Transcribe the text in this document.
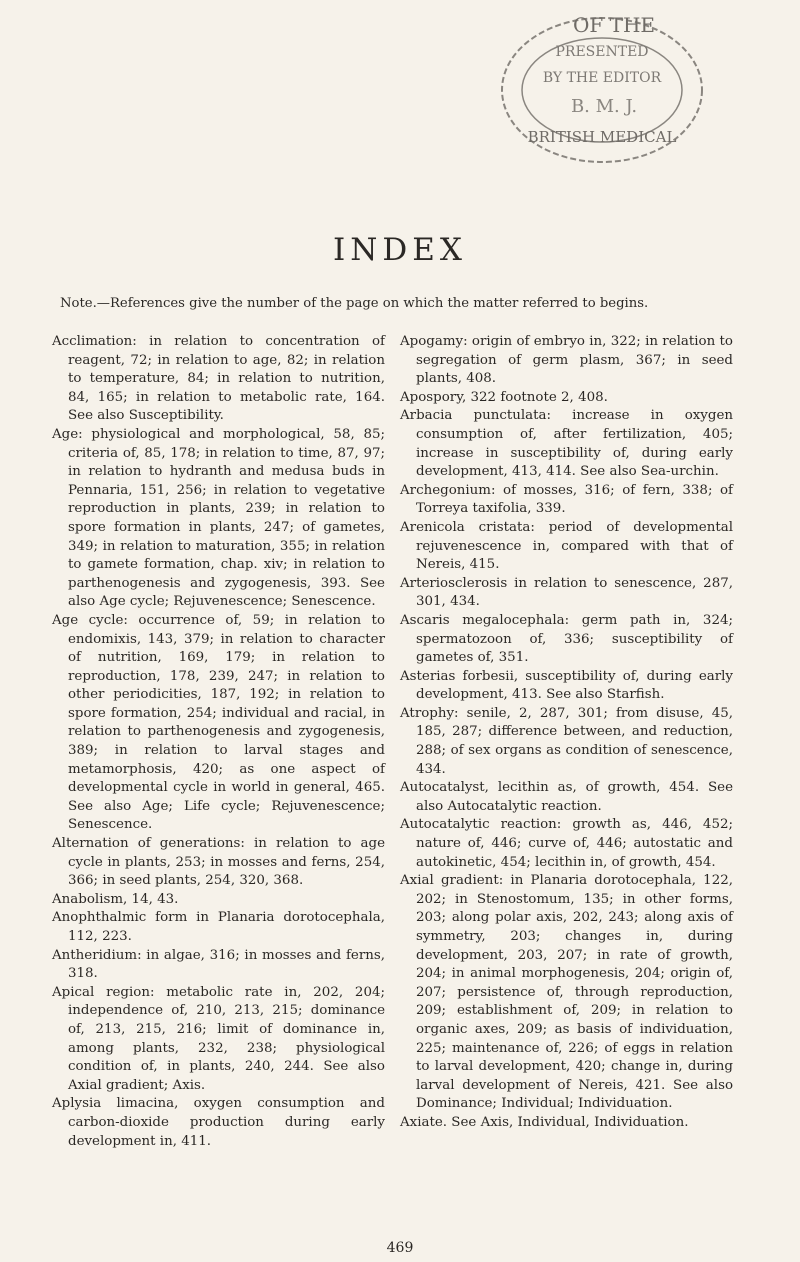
OF THE
PRESENTED
BY THE EDITOR
B. M. J.
BRITISH MEDICAL
INDEX
Note.—References give the number of the page on which the matter referred to begins.

Acclimation: in relation to concentration of reagent, 72; in relation to age, 82; in relation to temperature, 84; in relation to nutrition, 84, 165; in relation to metabolic rate, 164. See also Susceptibility.

Age: physiological and morphological, 58, 85; criteria of, 85, 178; in relation to time, 87, 97; in relation to hydranth and medusa buds in Pennaria, 151, 256; in relation to vegetative reproduction in plants, 239; in relation to spore formation in plants, 247; of gametes, 349; in relation to maturation, 355; in relation to gamete formation, chap. xiv; in relation to parthenogenesis and zygogenesis, 393. See also Age cycle; Rejuvenescence; Senescence.

Age cycle: occurrence of, 59; in relation to endomixis, 143, 379; in relation to character of nutrition, 169, 179; in relation to reproduction, 178, 239, 247; in relation to other periodicities, 187, 192; in relation to spore formation, 254; individual and racial, in relation to parthenogenesis and zygogenesis, 389; in relation to larval stages and metamorphosis, 420; as one aspect of developmental cycle in world in general, 465. See also Age; Life cycle; Rejuvenescence; Senescence.

Alternation of generations: in relation to age cycle in plants, 253; in mosses and ferns, 254, 366; in seed plants, 254, 320, 368.

Anabolism, 14, 43.

Anophthalmic form in Planaria dorotocephala, 112, 223.

Antheridium: in algae, 316; in mosses and ferns, 318.

Apical region: metabolic rate in, 202, 204; independence of, 210, 213, 215; dominance of, 213, 215, 216; limit of dominance in, among plants, 232, 238; physiological condition of, in plants, 240, 244. See also Axial gradient; Axis.

Aplysia limacina, oxygen consumption and carbon-dioxide production during early development in, 411.

Apogamy: origin of embryo in, 322; in relation to segregation of germ plasm, 367; in seed plants, 408.

Apospory, 322 footnote 2, 408.

Arbacia punctulata: increase in oxygen consumption of, after fertilization, 405; increase in susceptibility of, during early development, 413, 414. See also Sea-urchin.

Archegonium: of mosses, 316; of fern, 338; of Torreya taxifolia, 339.

Arenicola cristata: period of developmental rejuvenescence in, compared with that of Nereis, 415.

Arteriosclerosis in relation to senescence, 287, 301, 434.

Ascaris megalocephala: germ path in, 324; spermatozoon of, 336; susceptibility of gametes of, 351.

Asterias forbesii, susceptibility of, during early development, 413. See also Starfish.

Atrophy: senile, 2, 287, 301; from disuse, 45, 185, 287; difference between, and reduction, 288; of sex organs as condition of senescence, 434.

Autocatalyst, lecithin as, of growth, 454. See also Autocatalytic reaction.

Autocatalytic reaction: growth as, 446, 452; nature of, 446; curve of, 446; autostatic and autokinetic, 454; lecithin in, of growth, 454.

Axial gradient: in Planaria dorotocephala, 122, 202; in Stenostomum, 135; in other forms, 203; along polar axis, 202, 243; along axis of symmetry, 203; changes in, during development, 203, 207; in rate of growth, 204; in animal morphogenesis, 204; origin of, 207; persistence of, through reproduction, 209; establishment of, 209; in relation to organic axes, 209; as basis of individuation, 225; maintenance of, 226; of eggs in relation to larval development, 420; change in, during larval development of Nereis, 421. See also Dominance; Individual; Individuation.

Axiate. See Axis, Individual, Individuation.

469
